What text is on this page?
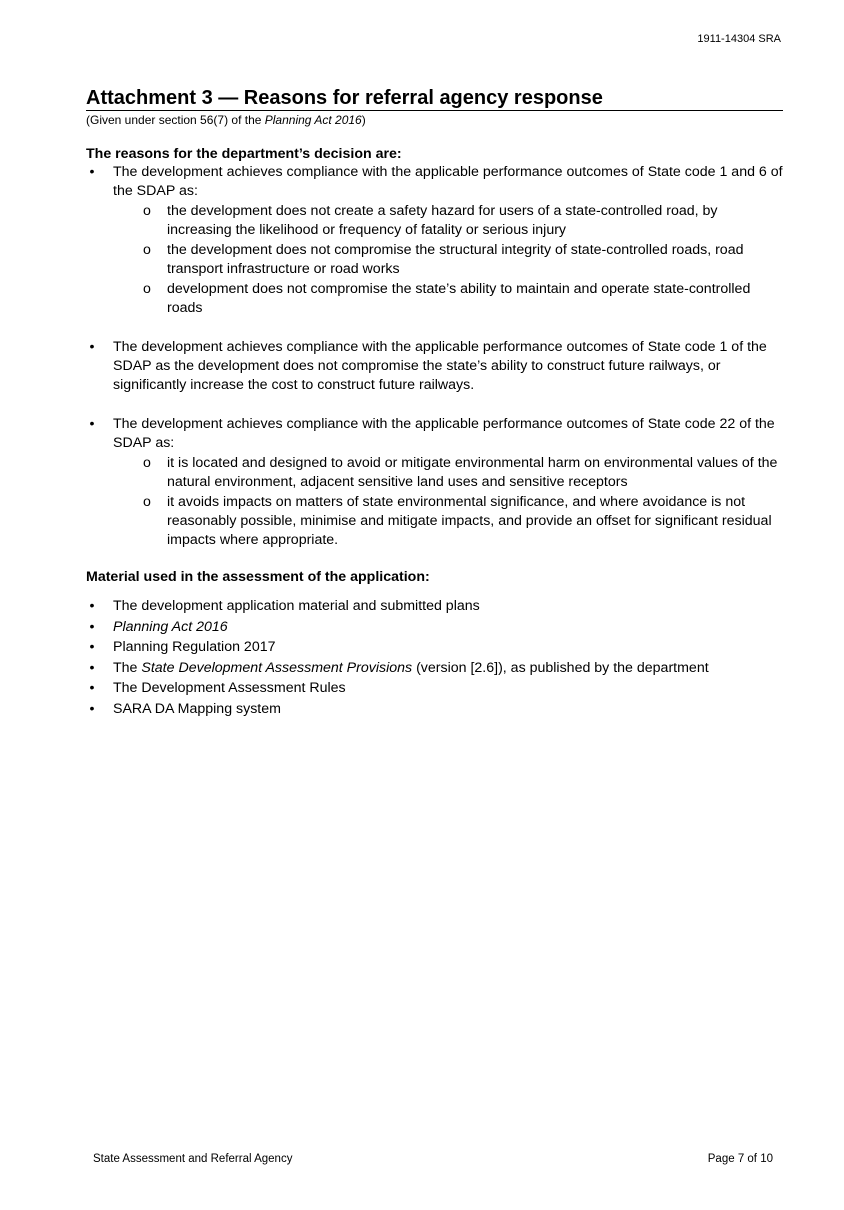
1911-14304 SRA
Attachment 3 — Reasons for referral agency response
(Given under section 56(7) of the Planning Act 2016)

The reasons for the department’s decision are:

• The development achieves compliance with the applicable performance outcomes of State code 1 and 6 of the SDAP as:
o the development does not create a safety hazard for users of a state-controlled road, by increasing the likelihood or frequency of fatality or serious injury
o the development does not compromise the structural integrity of state-controlled roads, road transport infrastructure or road works
o development does not compromise the state’s ability to maintain and operate state-controlled roads
• The development achieves compliance with the applicable performance outcomes of State code 1 of the SDAP as the development does not compromise the state’s ability to construct future railways, or significantly increase the cost to construct future railways.
• The development achieves compliance with the applicable performance outcomes of State code 22 of the SDAP as:
o it is located and designed to avoid or mitigate environmental harm on environmental values of the natural environment, adjacent sensitive land uses and sensitive receptors
o it avoids impacts on matters of state environmental significance, and where avoidance is not reasonably possible, minimise and mitigate impacts, and provide an offset for significant residual impacts where appropriate.

Material used in the assessment of the application:

• The development application material and submitted plans
• Planning Act 2016
• Planning Regulation 2017
• The State Development Assessment Provisions (version [2.6]), as published by the department
• The Development Assessment Rules
• SARA DA Mapping system
State Assessment and Referral Agency	Page 7 of 10
